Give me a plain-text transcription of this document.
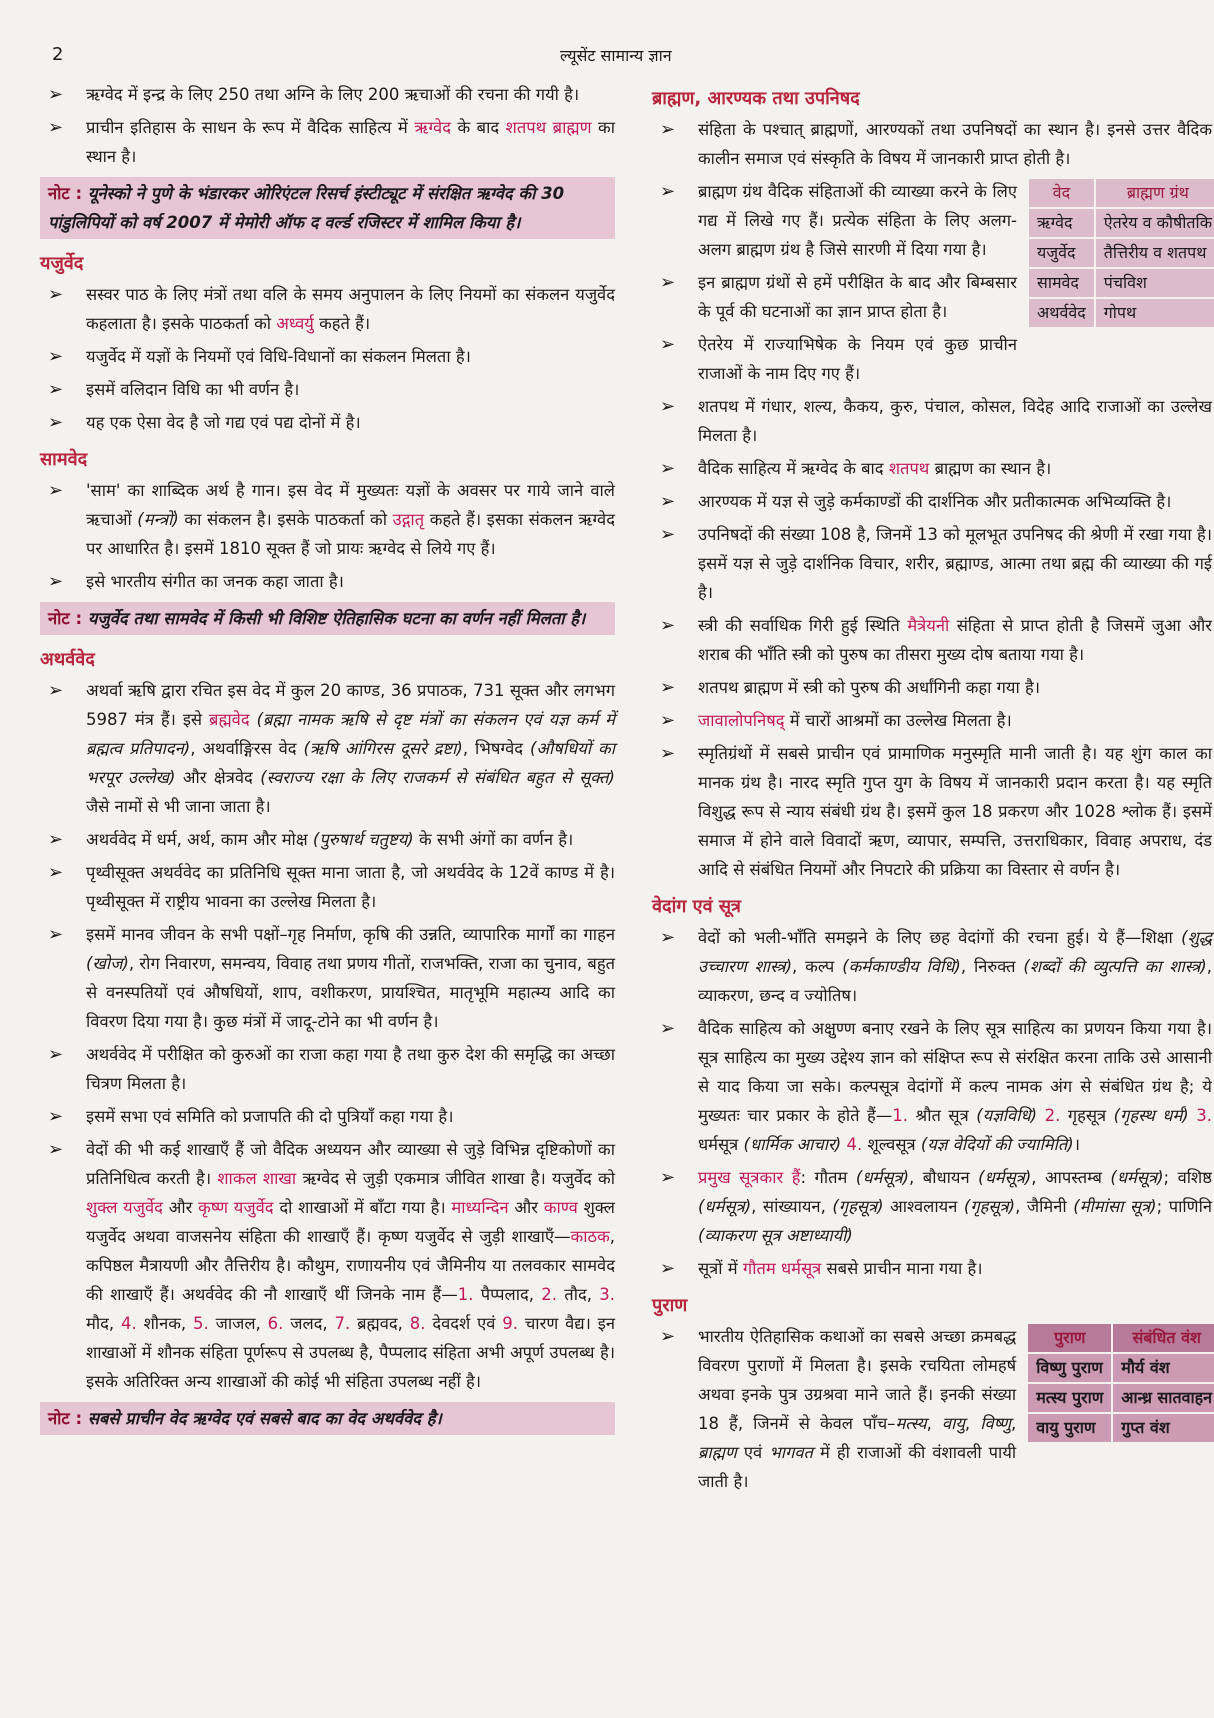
2	ल्यूसेंट सामान्य ज्ञान
➢ ऋग्वेद में इन्द्र के लिए 250 तथा अग्नि के लिए 200 ऋचाओं की रचना की गयी है।
➢ प्राचीन इतिहास के साधन के रूप में वैदिक साहित्य में ऋग्वेद के बाद शतपथ ब्राह्मण का स्थान है।
नोट : यूनेस्को ने पुणे के भंडारकर ओरिएंटल रिसर्च इंस्टीट्यूट में संरक्षित ऋग्वेद की 30 पांडुलिपियों को वर्ष 2007 में मेमोरी ऑफ द वर्ल्ड रजिस्टर में शामिल किया है।
यजुर्वेद
➢ सस्वर पाठ के लिए मंत्रों तथा वलि के समय अनुपालन के लिए नियमों का संकलन यजुर्वेद कहलाता है। इसके पाठकर्ता को अध्वर्यु कहते हैं।
➢ यजुर्वेद में यज्ञों के नियमों एवं विधि-विधानों का संकलन मिलता है।
➢ इसमें वलिदान विधि का भी वर्णन है।
➢ यह एक ऐसा वेद है जो गद्य एवं पद्य दोनों में है।
सामवेद
➢ 'साम' का शाब्दिक अर्थ है गान। इस वेद में मुख्यतः यज्ञों के अवसर पर गाये जाने वाले ऋचाओं (मन्त्रों) का संकलन है। इसके पाठकर्ता को उद्गातृ कहते हैं। इसका संकलन ऋग्वेद पर आधारित है। इसमें 1810 सूक्त हैं जो प्रायः ऋग्वेद से लिये गए हैं।
➢ इसे भारतीय संगीत का जनक कहा जाता है।
नोट : यजुर्वेद तथा सामवेद में किसी भी विशिष्ट ऐतिहासिक घटना का वर्णन नहीं मिलता है।
अथर्ववेद
➢ अथर्वा ऋषि द्वारा रचित इस वेद में कुल 20 काण्ड, 36 प्रपाठक, 731 सूक्त और लगभग 5987 मंत्र हैं। इसे ब्रह्मवेद (ब्रह्मा नामक ऋषि से दृष्ट मंत्रों का संकलन एवं यज्ञ कर्म में ब्रह्मत्व प्रतिपादन), अथर्वाङ्गिरस वेद (ऋषि आंगिरस दूसरे द्रष्टा), भिषग्वेद (औषधियों का भरपूर उल्लेख) और क्षेत्रवेद (स्वराज्य रक्षा के लिए राजकर्म से संबंधित बहुत से सूक्त) जैसे नामों से भी जाना जाता है।
➢ अथर्ववेद में धर्म, अर्थ, काम और मोक्ष (पुरुषार्थ चतुष्टय) के सभी अंगों का वर्णन है।
➢ पृथ्वीसूक्त अथर्ववेद का प्रतिनिधि सूक्त माना जाता है, जो अथर्ववेद के 12वें काण्ड में है। पृथ्वीसूक्त में राष्ट्रीय भावना का उल्लेख मिलता है।
➢ इसमें मानव जीवन के सभी पक्षों–गृह निर्माण, कृषि की उन्नति, व्यापारिक मार्गों का गाहन (खोज), रोग निवारण, समन्वय, विवाह तथा प्रणय गीतों, राजभक्ति, राजा का चुनाव, बहुत से वनस्पतियों एवं औषधियों, शाप, वशीकरण, प्रायश्चित, मातृभूमि महात्म्य आदि का विवरण दिया गया है। कुछ मंत्रों में जादू-टोने का भी वर्णन है।
➢ अथर्ववेद में परीक्षित को कुरुओं का राजा कहा गया है तथा कुरु देश की समृद्धि का अच्छा चित्रण मिलता है।
➢ इसमें सभा एवं समिति को प्रजापति की दो पुत्रियाँ कहा गया है।
➢ वेदों की भी कई शाखाएँ हैं जो वैदिक अध्ययन और व्याख्या से जुड़े विभिन्न दृष्टिकोणों का प्रतिनिधित्व करती है। शाकल शाखा ऋग्वेद से जुड़ी एकमात्र जीवित शाखा है। यजुर्वेद को शुक्ल यजुर्वेद और कृष्ण यजुर्वेद दो शाखाओं में बाँटा गया है। माध्यन्दिन और काण्व शुक्ल यजुर्वेद अथवा वाजसनेय संहिता की शाखाएँ हैं। कृष्ण यजुर्वेद से जुड़ी शाखाएँ—काठक, कपिष्ठल मैत्रायणी और तैत्तिरीय है। कौथुम, राणायनीय एवं जैमिनीय या तलवकार सामवेद की शाखाएँ हैं। अथर्ववेद की नौ शाखाएँ थीं जिनके नाम हैं—1. पैप्पलाद, 2. तौद, 3. मौद, 4. शौनक, 5. जाजल, 6. जलद, 7. ब्रह्मवद, 8. देवदर्श एवं 9. चारण वैद्य। इन शाखाओं में शौनक संहिता पूर्णरूप से उपलब्ध है, पैप्पलाद संहिता अभी अपूर्ण उपलब्ध है। इसके अतिरिक्त अन्य शाखाओं की कोई भी संहिता उपलब्ध नहीं है।
नोट : सबसे प्राचीन वेद ऋग्वेद एवं सबसे बाद का वेद अथर्ववेद है।
ब्राह्मण, आरण्यक तथा उपनिषद
➢ संहिता के पश्चात् ब्राह्मणों, आरण्यकों तथा उपनिषदों का स्थान है। इनसे उत्तर वैदिक कालीन समाज एवं संस्कृति के विषय में जानकारी प्राप्त होती है।
➢	वेद	ब्राह्मण ग्रंथ
ऋग्वेद	ऐतरेय व कौषीतकि
यजुर्वेद	तैत्तिरीय व शतपथ
सामवेद	पंचविश
अथर्ववेद	गोपथ
ब्राह्मण ग्रंथ वैदिक संहिताओं की व्याख्या करने के लिए गद्य में लिखे गए हैं। प्रत्येक संहिता के लिए अलग-अलग ब्राह्मण ग्रंथ है जिसे सारणी में दिया गया है।
➢ इन ब्राह्मण ग्रंथों से हमें परीक्षित के बाद और बिम्बसार के पूर्व की घटनाओं का ज्ञान प्राप्त होता है।
➢ ऐतरेय में राज्याभिषेक के नियम एवं कुछ प्राचीन राजाओं के नाम दिए गए हैं।
➢ शतपथ में गंधार, शल्य, कैकय, कुरु, पंचाल, कोसल, विदेह आदि राजाओं का उल्लेख मिलता है।
➢ वैदिक साहित्य में ऋग्वेद के बाद शतपथ ब्राह्मण का स्थान है।
➢ आरण्यक में यज्ञ से जुड़े कर्मकाण्डों की दार्शनिक और प्रतीकात्मक अभिव्यक्ति है।
➢ उपनिषदों की संख्या 108 है, जिनमें 13 को मूलभूत उपनिषद की श्रेणी में रखा गया है। इसमें यज्ञ से जुड़े दार्शनिक विचार, शरीर, ब्रह्माण्ड, आत्मा तथा ब्रह्म की व्याख्या की गई है।
➢ स्त्री की सर्वाधिक गिरी हुई स्थिति मैत्रेयनी संहिता से प्राप्त होती है जिसमें जुआ और शराब की भाँति स्त्री को पुरुष का तीसरा मुख्य दोष बताया गया है।
➢ शतपथ ब्राह्मण में स्त्री को पुरुष की अर्धांगिनी कहा गया है।
➢ जावालोपनिषद् में चारों आश्रमों का उल्लेख मिलता है।
➢ स्मृतिग्रंथों में सबसे प्राचीन एवं प्रामाणिक मनुस्मृति मानी जाती है। यह शुंग काल का मानक ग्रंथ है। नारद स्मृति गुप्त युग के विषय में जानकारी प्रदान करता है। यह स्मृति विशुद्ध रूप से न्याय संबंधी ग्रंथ है। इसमें कुल 18 प्रकरण और 1028 श्लोक हैं। इसमें समाज में होने वाले विवादों ऋण, व्यापार, सम्पत्ति, उत्तराधिकार, विवाह अपराध, दंड आदि से संबंधित नियमों और निपटारे की प्रक्रिया का विस्तार से वर्णन है।
वेदांग एवं सूत्र
➢ वेदों को भली-भाँति समझने के लिए छह वेदांगों की रचना हुई। ये हैं—शिक्षा (शुद्ध उच्चारण शास्त्र), कल्प (कर्मकाण्डीय विधि), निरुक्त (शब्दों की व्युत्पत्ति का शास्त्र), व्याकरण, छन्द व ज्योतिष।
➢ वैदिक साहित्य को अक्षुण्ण बनाए रखने के लिए सूत्र साहित्य का प्रणयन किया गया है। सूत्र साहित्य का मुख्य उद्देश्य ज्ञान को संक्षिप्त रूप से संरक्षित करना ताकि उसे आसानी से याद किया जा सके। कल्पसूत्र वेदांगों में कल्प नामक अंग से संबंधित ग्रंथ है; ये मुख्यतः चार प्रकार के होते हैं—1. श्रौत सूत्र (यज्ञविधि) 2. गृहसूत्र (गृहस्थ धर्म) 3. धर्मसूत्र (धार्मिक आचार) 4. शूल्वसूत्र (यज्ञ वेदियों की ज्यामिति)।
➢ प्रमुख सूत्रकार हैं: गौतम (धर्मसूत्र), बौधायन (धर्मसूत्र), आपस्तम्ब (धर्मसूत्र); वशिष्ठ (धर्मसूत्र), सांख्यायन, (गृहसूत्र) आश्वलायन (गृहसूत्र), जैमिनी (मीमांसा सूत्र); पाणिनि (व्याकरण सूत्र अष्टाध्यायी)
➢ सूत्रों में गौतम धर्मसूत्र सबसे प्राचीन माना गया है।
पुराण
➢	पुराण	संबंधित वंश
विष्णु पुराण	मौर्य वंश
मत्स्य पुराण	आन्ध्र सातवाहन
वायु पुराण	गुप्त वंश
भारतीय ऐतिहासिक कथाओं का सबसे अच्छा क्रमबद्ध विवरण पुराणों में मिलता है। इसके रचयिता लोमहर्ष अथवा इनके पुत्र उग्रश्रवा माने जाते हैं। इनकी संख्या 18 हैं, जिनमें से केवल पाँच–मत्स्य, वायु, विष्णु, ब्राह्मण एवं भागवत में ही राजाओं की वंशावली पायी जाती है।
